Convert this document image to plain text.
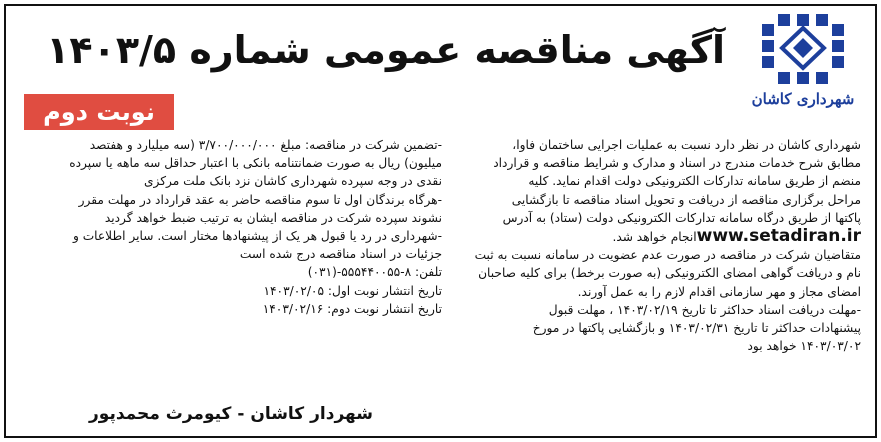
شهرداری کاشان
آگهی مناقصه عمومی شماره ۱۴۰۳/۵
نوبت دوم

شهرداری کاشان در نظر دارد نسبت به عملیات اجرایی ساختمان فاوا،

مطابق شرح خدمات مندرج در اسناد و مدارک و شرایط مناقصه و قرارداد

منضم از طریق سامانه تدارکات الکترونیکی دولت اقدام نماید. کلیه

مراحل برگزاری مناقصه از دریافت و تحویل اسناد مناقصه تا بازگشایی

پاکتها از طریق درگاه سامانه تدارکات الکترونیکی دولت (ستاد) به آدرس

www.setadiran.irانجام خواهد شد.

متقاضیان شرکت در مناقصه در صورت عدم عضویت در سامانه نسبت به ثبت

نام و دریافت گواهی امضای الکترونیکی (به صورت برخط) برای کلیه صاحبان

امضای مجاز و مهر سازمانی اقدام لازم را به عمل آورند.

-مهلت دریافت اسناد حداکثر تا تاریخ ۱۴۰۳/۰۲/۱۹ ، مهلت قبول

پیشنهادات حداکثر تا تاریخ ۱۴۰۳/۰۲/۳۱ و بازگشایی پاکتها در مورخ

۱۴۰۳/۰۳/۰۲ خواهد بود

-تضمین شرکت در مناقصه: مبلغ ۳/۷۰۰/۰۰۰/۰۰۰ (سه میلیارد و هفتصد

میلیون) ریال به صورت ضمانتنامه بانکی با اعتبار حداقل سه ماهه یا سپرده

نقدی در وجه سپرده شهرداری کاشان نزد بانک ملت مرکزی

-هرگاه برندگان اول تا سوم مناقصه حاضر به عقد قرارداد در مهلت مقرر

نشوند سپرده شرکت در مناقصه ایشان به ترتیب ضبط خواهد گردید

-شهرداری در رد یا قبول هر یک از پیشنهادها مختار است. سایر اطلاعات و

جزئیات در اسناد مناقصه درج شده است

تلفن: ۸-۵۵۵۴۴۰۰۵۵-(۰۳۱)

تاریخ انتشار نوبت اول: ۱۴۰۳/۰۲/۰۵

تاریخ انتشار نوبت دوم: ۱۴۰۳/۰۲/۱۶

شهردار کاشان - کیومرث محمدپور
